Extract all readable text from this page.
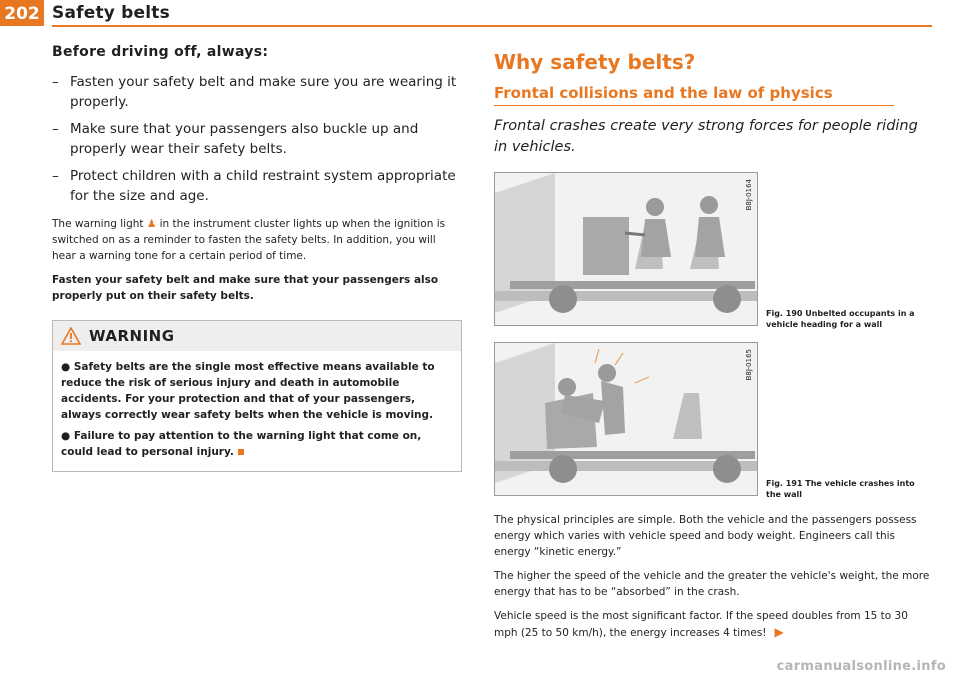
202 Safety belts
Before driving off, always:
– Fasten your safety belt and make sure you are wearing it properly.
– Make sure that your passengers also buckle up and properly wear their safety belts.
– Protect children with a child restraint system appropriate for the size and age.

The warning light ♟ in the instrument cluster lights up when the ignition is switched on as a reminder to fasten the safety belts. In addition, you will hear a warning tone for a certain period of time.

Fasten your safety belt and make sure that your passengers also properly put on their safety belts.

WARNING

● Safety belts are the single most effective means available to reduce the risk of serious injury and death in automobile accidents. For your protection and that of your passengers, always correctly wear safety belts when the vehicle is moving.

● Failure to pay attention to the warning light that come on, could lead to personal injury.

Why safety belts?
Frontal collisions and the law of physics

Frontal crashes create very strong forces for people riding in vehicles.

B8J-0164
Fig. 190 Unbelted occupants in a vehicle heading for a wall
B8J-0165
Fig. 191 The vehicle crashes into the wall

The physical principles are simple. Both the vehicle and the passengers possess energy which varies with vehicle speed and body weight. Engineers call this energy “kinetic energy.”

The higher the speed of the vehicle and the greater the vehicle's weight, the more energy that has to be “absorbed” in the crash.

Vehicle speed is the most significant factor. If the speed doubles from 15 to 30 mph (25 to 50 km/h), the energy increases 4 times! ▶

carmanualsonline.info
